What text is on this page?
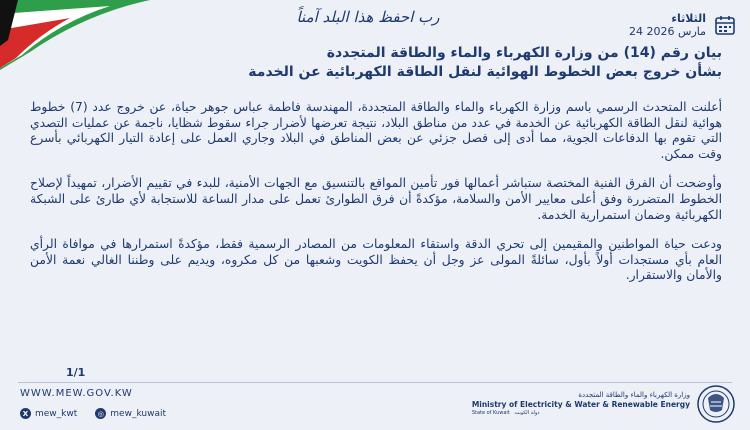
رب احفظ هذا البلد آمناً	الثلاثاء
24 مارس 2026
بيان رقم (14) من وزارة الكهرباء والماء والطاقة المتجددة
بشأن خروج بعض الخطوط الهوائية لنقل الطاقة الكهربائية عن الخدمة

أعلنت المتحدث الرسمي باسم وزارة الكهرباء والماء والطاقة المتجددة، المهندسة فاطمة عباس جوهر حياة، عن خروج عدد (7) خطوط هوائية لنقل الطاقة الكهربائية عن الخدمة في عدد من مناطق البلاد، نتيجة تعرضها لأضرار جراء سقوط شظايا، ناجمة عن عمليات التصدي التي تقوم بها الدفاعات الجوية، مما أدى إلى فصل جزئي عن بعض المناطق في البلاد وجاري العمل على إعادة التيار الكهربائي بأسرع وقت ممكن.

وأوضحت أن الفرق الفنية المختصة ستباشر أعمالها فور تأمين المواقع بالتنسيق مع الجهات الأمنية، للبدء في تقييم الأضرار، تمهيداً لإصلاح الخطوط المتضررة وفق أعلى معايير الأمن والسلامة، مؤكدةً أن فرق الطوارئ تعمل على مدار الساعة للاستجابة لأي طارئ على الشبكة الكهربائية وضمان استمرارية الخدمة.

ودعت حياة المواطنين والمقيمين إلى تحري الدقة واستقاء المعلومات من المصادر الرسمية فقط، مؤكدةً استمرارها في موافاة الرأي العام بأي مستجدات أولاً بأول، سائلةً المولى عز وجل أن يحفظ الكويت وشعبها من كل مكروه، ويديم على وطننا الغالي نعمة الأمن والأمان والاستقرار.

1/1
WWW.MEW.GOV.KW
X mew_kwt	◎ mew_kuwait
وزارة الكهرباء والماء والطاقة المتجددة
Ministry of Electricity & Water & Renewable Energy
State of Kuwait دولة الكويت
